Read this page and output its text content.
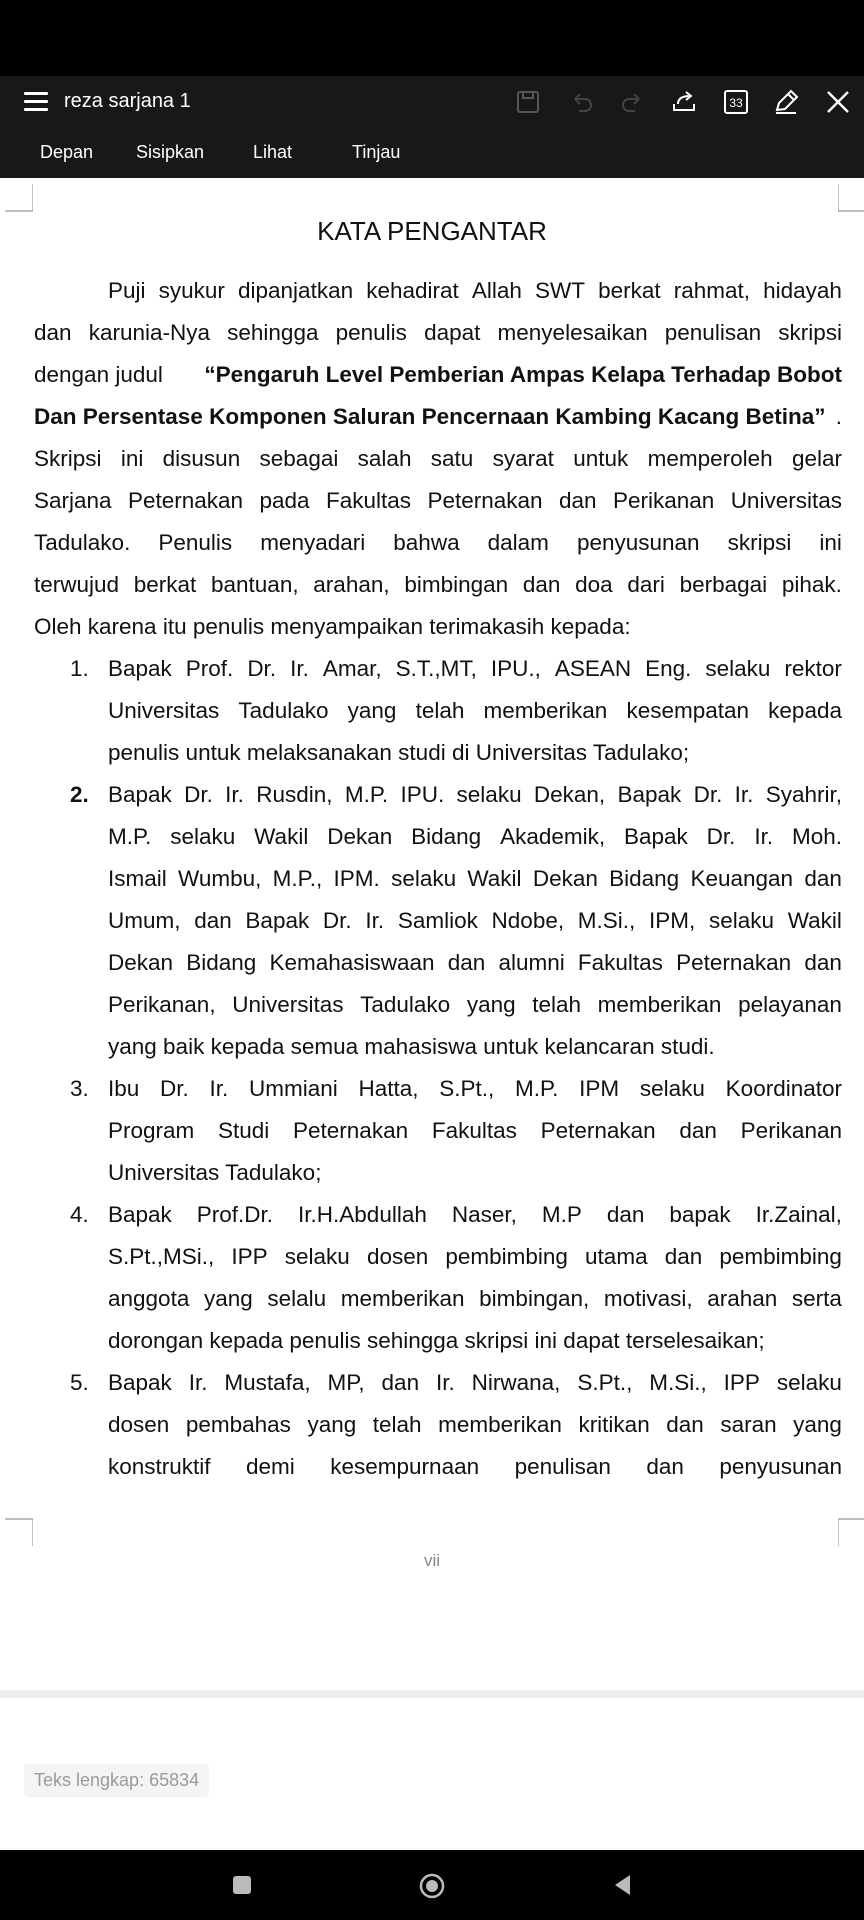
reza sarjana 1	33
Depan Sisipkan	Lihat	Tinjau
KATA PENGANTAR
Puji syukur dipanjatkan kehadirat Allah SWT berkat rahmat, hidayah
dan karunia-Nya sehingga penulis dapat menyelesaikan penulisan skripsi
dengan judul
“Pengaruh Level Pemberian Ampas Kelapa Terhadap Bobot
Dan Persentase Komponen Saluran Pencernaan Kambing Kacang Betina” .
Skripsi ini disusun sebagai salah satu syarat untuk memperoleh gelar
Sarjana Peternakan pada Fakultas Peternakan dan Perikanan Universitas
Tadulako. Penulis menyadari bahwa dalam penyusunan skripsi ini
terwujud berkat bantuan, arahan, bimbingan dan doa dari berbagai pihak.
Oleh karena itu penulis menyampaikan terimakasih kepada:
1. Bapak Prof. Dr. Ir. Amar, S.T.,MT, IPU., ASEAN Eng. selaku rektor
Universitas Tadulako yang telah memberikan kesempatan kepada
penulis untuk melaksanakan studi di Universitas Tadulako;
2. Bapak Dr. Ir. Rusdin, M.P. IPU. selaku Dekan, Bapak Dr. Ir. Syahrir,
M.P. selaku Wakil Dekan Bidang Akademik, Bapak Dr. Ir. Moh.
Ismail Wumbu, M.P., IPM. selaku Wakil Dekan Bidang Keuangan dan
Umum, dan Bapak Dr. Ir. Samliok Ndobe, M.Si., IPM, selaku Wakil
Dekan Bidang Kemahasiswaan dan alumni Fakultas Peternakan dan
Perikanan, Universitas Tadulako yang telah memberikan pelayanan
yang baik kepada semua mahasiswa untuk kelancaran studi.
3. Ibu Dr. Ir. Ummiani Hatta, S.Pt., M.P. IPM selaku Koordinator
Program Studi Peternakan Fakultas Peternakan dan Perikanan
Universitas Tadulako;
4. Bapak Prof.Dr. Ir.H.Abdullah Naser, M.P dan bapak Ir.Zainal,
S.Pt.,MSi., IPP selaku dosen pembimbing utama dan pembimbing
anggota yang selalu memberikan bimbingan, motivasi, arahan serta
dorongan kepada penulis sehingga skripsi ini dapat terselesaikan;
5. Bapak Ir. Mustafa, MP, dan Ir. Nirwana, S.Pt., M.Si., IPP selaku
dosen pembahas yang telah memberikan kritikan dan saran yang
konstruktif demi kesempurnaan penulisan dan penyusunan
vii
Teks lengkap: 65834
